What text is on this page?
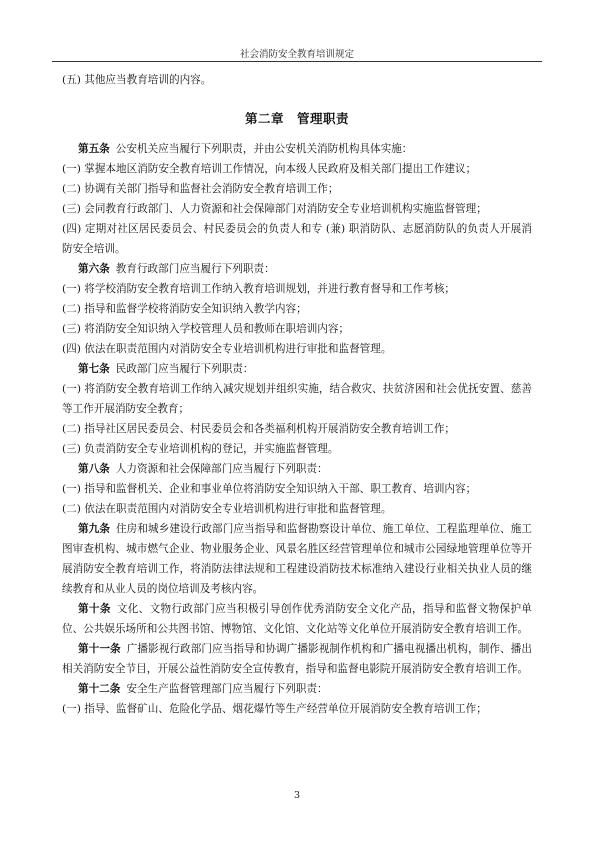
社会消防安全教育培训规定

(五) 其他应当教育培训的内容。

第二章　管理职责

第五条 公安机关应当履行下列职责，并由公安机关消防机构具体实施：

(一) 掌握本地区消防安全教育培训工作情况，向本级人民政府及相关部门提出工作建议；

(二) 协调有关部门指导和监督社会消防安全教育培训工作；

(三) 会同教育行政部门、人力资源和社会保障部门对消防安全专业培训机构实施监督管理；

(四) 定期对社区居民委员会、村民委员会的负责人和专 (兼) 职消防队、志愿消防队的负责人开展消防安全培训。

第六条 教育行政部门应当履行下列职责：

(一) 将学校消防安全教育培训工作纳入教育培训规划，并进行教育督导和工作考核；

(二) 指导和监督学校将消防安全知识纳入教学内容；

(三) 将消防安全知识纳入学校管理人员和教师在职培训内容；

(四) 依法在职责范围内对消防安全专业培训机构进行审批和监督管理。

第七条 民政部门应当履行下列职责：

(一) 将消防安全教育培训工作纳入减灾规划并组织实施，结合救灾、扶贫济困和社会优抚安置、慈善等工作开展消防安全教育；

(二) 指导社区居民委员会、村民委员会和各类福利机构开展消防安全教育培训工作；

(三) 负责消防安全专业培训机构的登记，并实施监督管理。

第八条 人力资源和社会保障部门应当履行下列职责：

(一) 指导和监督机关、企业和事业单位将消防安全知识纳入干部、职工教育、培训内容；

(二) 依法在职责范围内对消防安全专业培训机构进行审批和监督管理。

第九条 住房和城乡建设行政部门应当指导和监督勘察设计单位、施工单位、工程监理单位、施工图审查机构、城市燃气企业、物业服务企业、风景名胜区经营管理单位和城市公园绿地管理单位等开展消防安全教育培训工作，将消防法律法规和工程建设消防技术标准纳入建设行业相关执业人员的继续教育和从业人员的岗位培训及考核内容。

第十条 文化、文物行政部门应当积极引导创作优秀消防安全文化产品，指导和监督文物保护单位、公共娱乐场所和公共图书馆、博物馆、文化馆、文化站等文化单位开展消防安全教育培训工作。

第十一条 广播影视行政部门应当指导和协调广播影视制作机构和广播电视播出机构，制作、播出相关消防安全节目，开展公益性消防安全宣传教育，指导和监督电影院开展消防安全教育培训工作。

第十二条 安全生产监督管理部门应当履行下列职责：

(一) 指导、监督矿山、危险化学品、烟花爆竹等生产经营单位开展消防安全教育培训工作；

3
